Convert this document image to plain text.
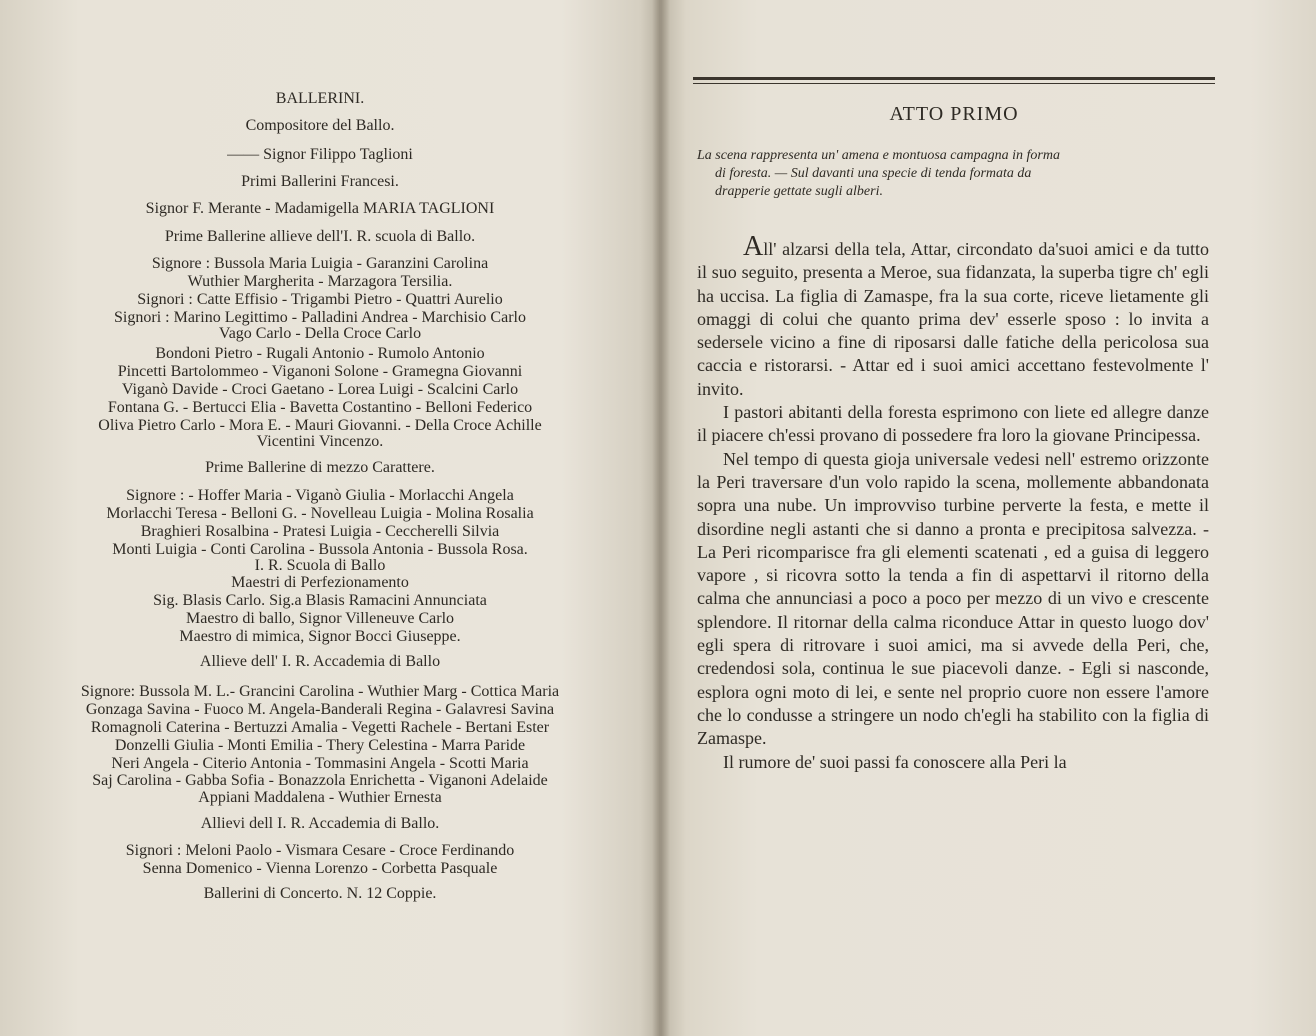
BALLERINI.
Compositore del Ballo.
—— Signor Filippo Taglioni
Primi Ballerini Francesi.
Signor F. Merante - Madamigella MARIA TAGLIONI
Prime Ballerine allieve dell'I. R. scuola di Ballo.
Signore : Bussola Maria Luigia - Garanzini Carolina
Wuthier Margherita - Marzagora Tersilia.
Signori : Catte Effisio - Trigambi Pietro - Quattri Aurelio
Signori : Marino Legittimo - Palladini Andrea - Marchisio Carlo
Vago Carlo - Della Croce Carlo
Bondoni Pietro - Rugali Antonio - Rumolo Antonio
Pincetti Bartolommeo - Viganoni Solone - Gramegna Giovanni
Viganò Davide - Croci Gaetano - Lorea Luigi - Scalcini Carlo
Fontana G. - Bertucci Elia - Bavetta Costantino - Belloni Federico
Oliva Pietro Carlo - Mora E. - Mauri Giovanni. - Della Croce Achille
Vicentini Vincenzo.
Prime Ballerine di mezzo Carattere.
Signore : - Hoffer Maria - Viganò Giulia - Morlacchi Angela
Morlacchi Teresa - Belloni G. - Novelleau Luigia - Molina Rosalia
Braghieri Rosalbina - Pratesi Luigia - Ceccherelli Silvia
Monti Luigia - Conti Carolina - Bussola Antonia - Bussola Rosa.
I. R. Scuola di Ballo
Maestri di Perfezionamento
Sig. Blasis Carlo. Sig.a Blasis Ramacini Annunciata
Maestro di ballo, Signor Villeneuve Carlo
Maestro di mimica, Signor Bocci Giuseppe.
Allieve dell' I. R. Accademia di Ballo
Signore: Bussola M. L.- Grancini Carolina - Wuthier Marg - Cottica Maria
Gonzaga Savina - Fuoco M. Angela-Banderali Regina - Galavresi Savina
Romagnoli Caterina - Bertuzzi Amalia - Vegetti Rachele - Bertani Ester
Donzelli Giulia - Monti Emilia - Thery Celestina - Marra Paride
Neri Angela - Citerio Antonia - Tommasini Angela - Scotti Maria
Saj Carolina - Gabba Sofia - Bonazzola Enrichetta - Viganoni Adelaide
Appiani Maddalena - Wuthier Ernesta
Allievi dell I. R. Accademia di Ballo.
Signori : Meloni Paolo - Vismara Cesare - Croce Ferdinando
Senna Domenico - Vienna Lorenzo - Corbetta Pasquale
Ballerini di Concerto. N. 12 Coppie.
ATTO PRIMO
La scena rappresenta un' amena e montuosa campagna in forma
di foresta. — Sul davanti una specie di tenda formata da
drapperie gettate sugli alberi.

All' alzarsi della tela, Attar, circondato da'suoi amici e da tutto il suo seguito, presenta a Meroe, sua fidanzata, la superba tigre ch' egli ha uccisa. La figlia di Zamaspe, fra la sua corte, riceve lietamente gli omaggi di colui che quanto prima dev' esserle sposo : lo invita a sedersele vicino a fine di riposarsi dalle fatiche della pericolosa sua caccia e ristorarsi. - Attar ed i suoi amici accettano festevolmente l' invito.

I pastori abitanti della foresta esprimono con liete ed allegre danze il piacere ch'essi provano di possedere fra loro la giovane Principessa.

Nel tempo di questa gioja universale vedesi nell' estremo orizzonte la Peri traversare d'un volo rapido la scena, mollemente abbandonata sopra una nube. Un improvviso turbine perverte la festa, e mette il disordine negli astanti che si danno a pronta e precipitosa salvezza. - La Peri ricomparisce fra gli elementi scatenati , ed a guisa di leggero vapore , si ricovra sotto la tenda a fin di aspettarvi il ritorno della calma che annunciasi a poco a poco per mezzo di un vivo e crescente splendore. Il ritornar della calma riconduce Attar in questo luogo dov' egli spera di ritrovare i suoi amici, ma si avvede della Peri, che, credendosi sola, continua le sue piacevoli danze. - Egli si nasconde, esplora ogni moto di lei, e sente nel proprio cuore non essere l'amore che lo condusse a stringere un nodo ch'egli ha stabilito con la figlia di Zamaspe.

Il rumore de' suoi passi fa conoscere alla Peri la
